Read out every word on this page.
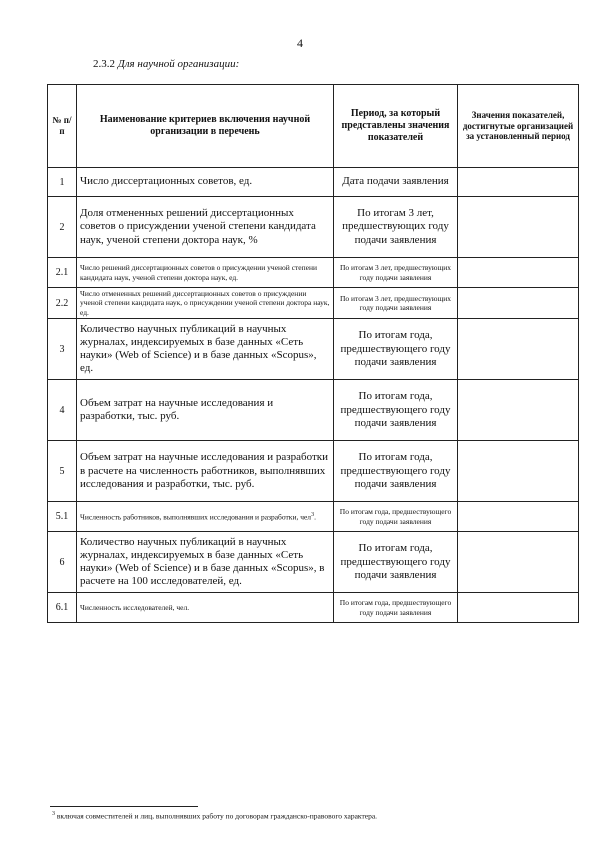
4
2.3.2 Для научной организации:
№ п/п	Наименование критериев включения научной организации в перечень	Период, за который представлены значения показателей	Значения показателей, достигнутые организацией за установленный период
1	Число диссертационных советов, ед.	Дата подачи заявления	
2	Доля отмененных решений диссертационных советов о присуждении ученой степени кандидата наук, ученой степени доктора наук, %	По итогам 3 лет, предшествующих году подачи заявления	
2.1	Число решений диссертационных советов о присуждении ученой степени кандидата наук, ученой степени доктора наук, ед.	По итогам 3 лет, предшествующих году подачи заявления	
2.2	Число отмененных решений диссертационных советов о присуждении ученой степени кандидата наук, о присуждении ученой степени доктора наук, ед.	По итогам 3 лет, предшествующих году подачи заявления	
3	Количество научных публикаций в научных журналах, индексируемых в базе данных «Сеть науки» (Web of Science) и в базе данных «Scopus», ед.	По итогам года, предшествующего году подачи заявления	
4	Объем затрат на научные исследования и разработки, тыс. руб.	По итогам года, предшествующего году подачи заявления	
5	Объем затрат на научные исследования и разработки в расчете на численность работников, выполнявших исследования и разработки, тыс. руб.	По итогам года, предшествующего году подачи заявления	
5.1	Численность работников, выполнявших исследования и разработки, чел$^3$.	По итогам года, предшествующего году подачи заявления	
6	Количество научных публикаций в научных журналах, индексируемых в базе данных «Сеть науки» (Web of Science) и в базе данных «Scopus», в расчете на 100 исследователей, ед.	По итогам года, предшествующего году подачи заявления	
6.1	Численность исследователей, чел.	По итогам года, предшествующего году подачи заявления	
$^3$ включая совместителей и лиц, выполнявших работу по договорам гражданско-правового характера.
